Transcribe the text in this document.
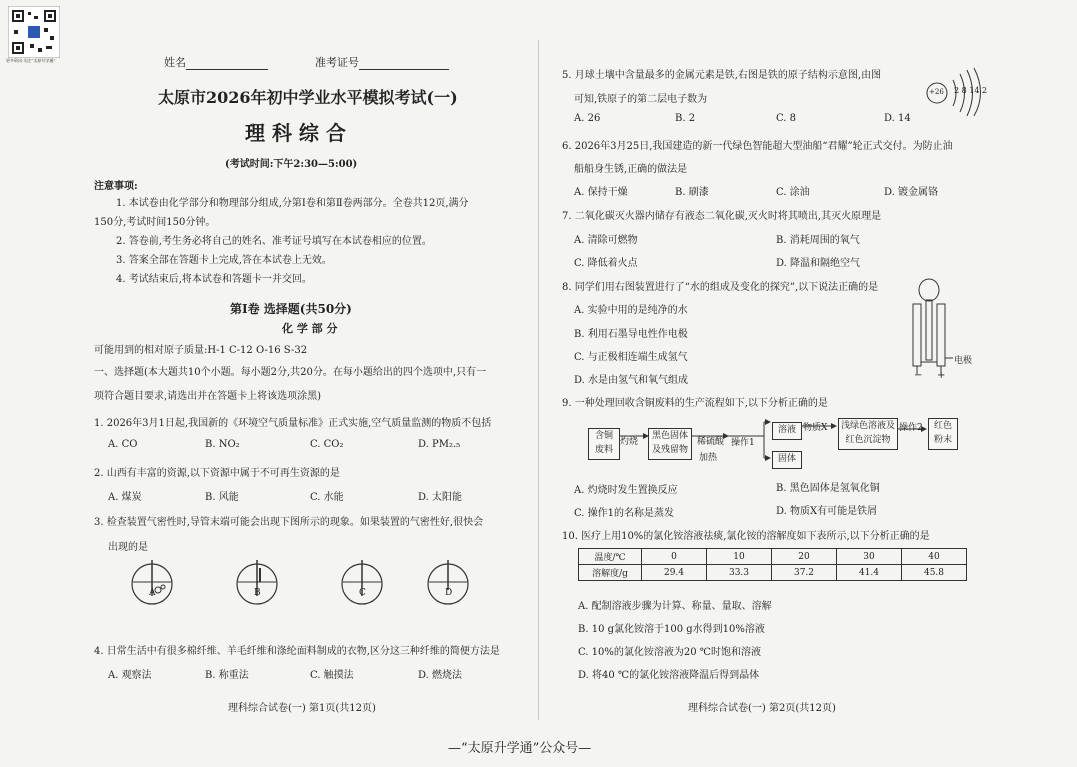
更多资讯·关注“太原升学通”	姓名	准考证号
太原市2026年初中学业水平模拟考试(一)
理 科 综 合
(考试时间:下午2:30—5:00)
注意事项:
1. 本试卷由化学部分和物理部分组成,分第Ⅰ卷和第Ⅱ卷两部分。全卷共12页,满分
150分,考试时间150分钟。
2. 答卷前,考生务必将自己的姓名、准考证号填写在本试卷相应的位置。
3. 答案全部在答题卡上完成,答在本试卷上无效。
4. 考试结束后,将本试卷和答题卡一并交回。
第Ⅰ卷 选择题(共50分)
化 学 部 分
可能用到的相对原子质量:H-1 C-12 O-16 S-32
一、选择题(本大题共10个小题。每小题2分,共20分。在每小题给出的四个选项中,只有一
项符合题目要求,请选出并在答题卡上将该选项涂黑)
1. 2026年3月1日起,我国新的《环境空气质量标准》正式实施,空气质量监测的物质不包括
A. CO	B. NO₂	C. CO₂	D. PM₂.₅
2. 山西有丰富的资源,以下资源中属于不可再生资源的是
A. 煤炭	B. 风能	C. 水能	D. 太阳能
3. 检查装置气密性时,导管末端可能会出现下图所示的现象。如果装置的气密性好,很快会
出现的是
A	B	C	D
4. 日常生活中有很多棉纤维、羊毛纤维和涤纶面料制成的衣物,区分这三种纤维的简便方法是
A. 观察法	B. 称重法	C. 触摸法	D. 燃烧法
理科综合试卷(一) 第1页(共12页)
5. 月球土壤中含量最多的金属元素是铁,右图是铁的原子结构示意图,由图
可知,铁原子的第二层电子数为
A. 26	B. 2	C. 8	D. 14
+26 2 8 14 2
6. 2026年3月25日,我国建造的新一代绿色智能超大型油船“君耀”轮正式交付。为防止油
船船身生锈,正确的做法是
A. 保持干燥	B. 刷漆	C. 涂油	D. 镀金属铬
7. 二氧化碳灭火器内储存有液态二氧化碳,灭火时将其喷出,其灭火原理是
A. 清除可燃物	B. 消耗周围的氧气
C. 降低着火点	D. 降温和隔绝空气
8. 同学们用右图装置进行了“水的组成及变化的探究”,以下说法正确的是
A. 实验中用的是纯净的水
B. 利用石墨导电性作电极
C. 与正极相连端生成氢气
D. 水是由氢气和氧气组成
电极
− +
9. 一种处理回收含铜废料的生产流程如下,以下分析正确的是
含铜
废料
灼烧
黑色固体
及残留物
稀硫酸
加热
操作1
溶液
固体
物质X	浅绿色溶液及
红色沉淀物
操作2	红色
粉末
A. 灼烧时发生置换反应	B. 黑色固体是氢氧化铜
C. 操作1的名称是蒸发	D. 物质X有可能是铁屑
10. 医疗上用10%的氯化铵溶液祛痰,氯化铵的溶解度如下表所示,以下分析正确的是
温度/℃	0	10	20	30	40
溶解度/g	29.4	33.3	37.2	41.4	45.8
A. 配制溶液步骤为计算、称量、量取、溶解
B. 10 g氯化铵溶于100 g水得到10%溶液
C. 10%的氯化铵溶液为20 ℃时饱和溶液
D. 将40 ℃的氯化铵溶液降温后得到晶体
理科综合试卷(一) 第2页(共12页)
—“太原升学通”公众号—
